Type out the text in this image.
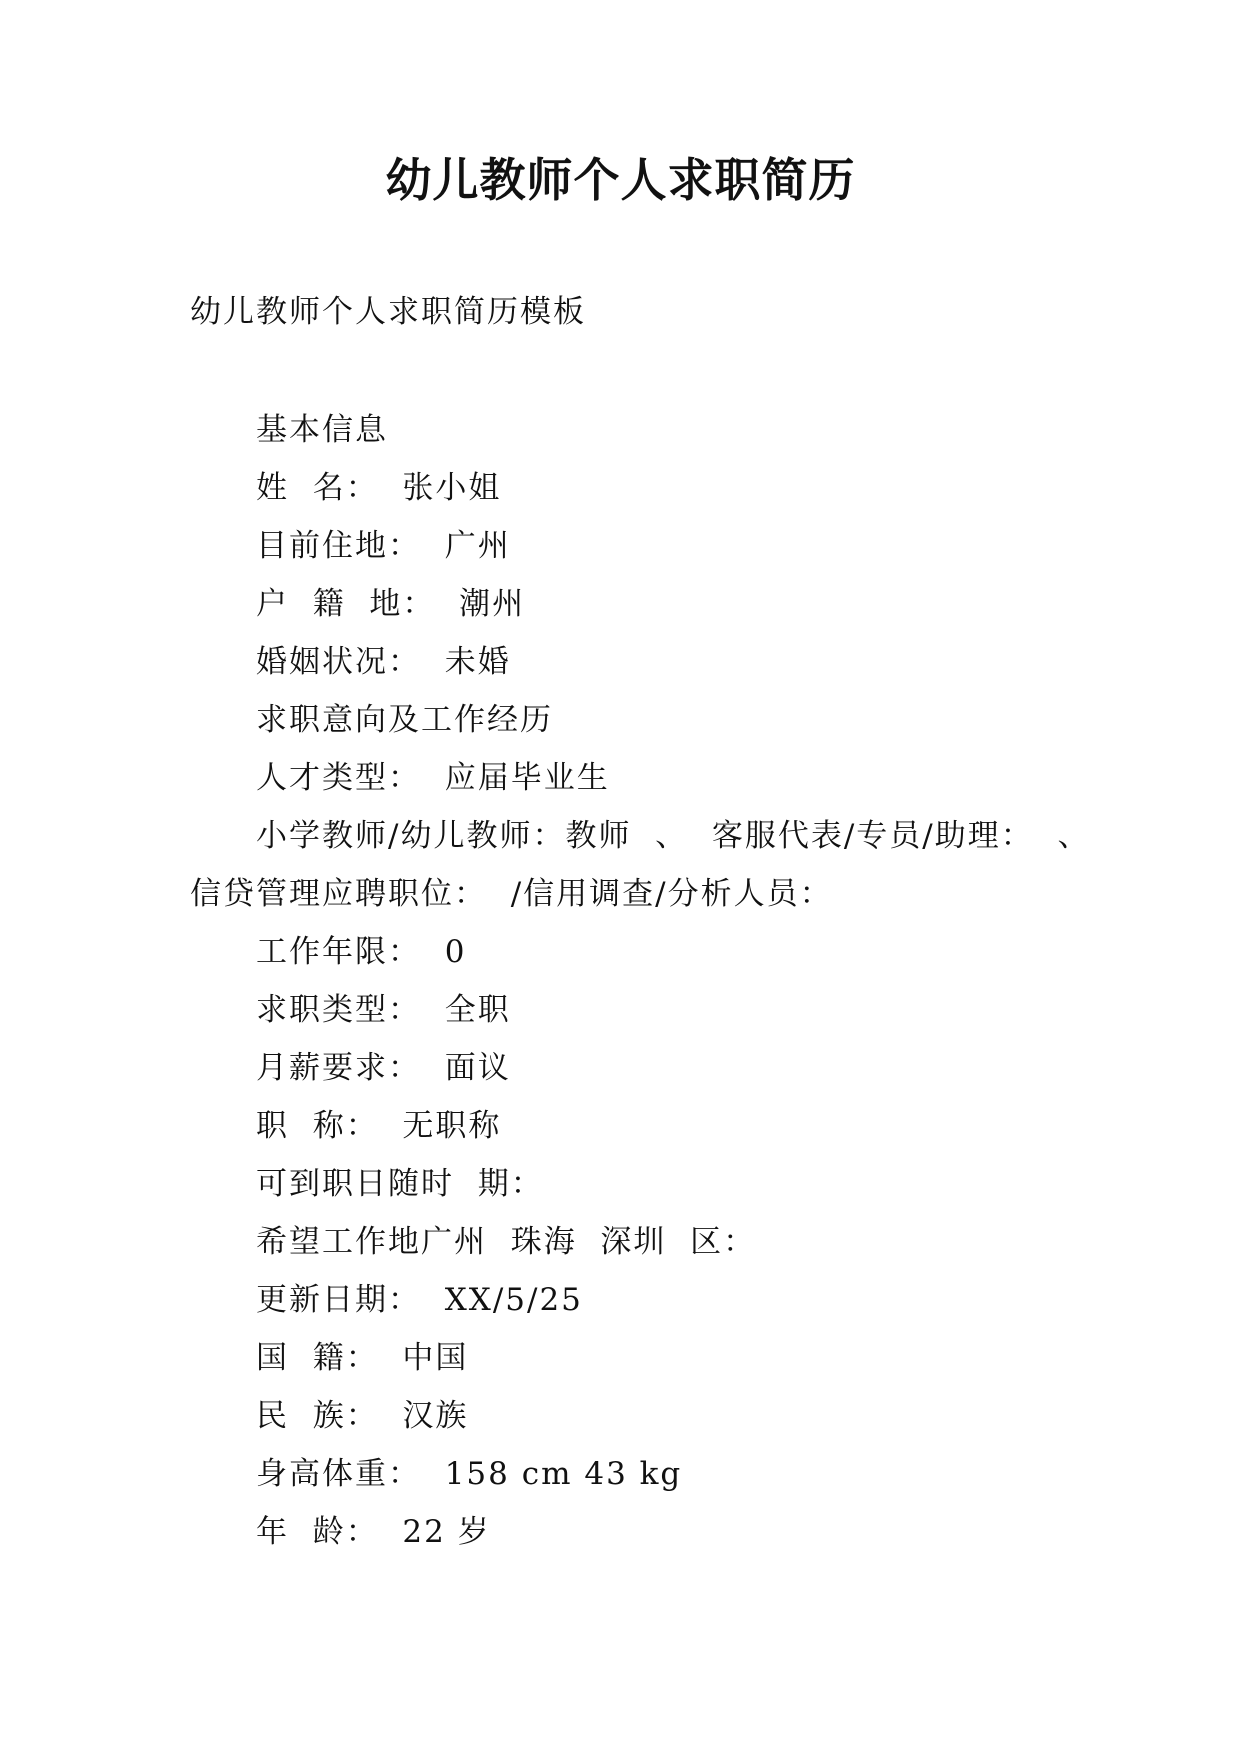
幼儿教师个人求职简历

幼儿教师个人求职简历模板

基本信息

姓  名：  张小姐

目前住地：  广州

户  籍  地：  潮州

婚姻状况：  未婚

求职意向及工作经历

人才类型：  应届毕业生

小学教师/幼儿教师：教师  、  客服代表/专员/助理：  、

信贷管理应聘职位：  /信用调查/分析人员：

工作年限：  0

求职类型：  全职

月薪要求：  面议

职  称：  无职称

可到职日随时  期：

希望工作地广州  珠海  深圳  区：

更新日期：  XX/5/25

国  籍：  中国

民  族：  汉族

身高体重：  158 cm 43 kg

年  龄：  22 岁
